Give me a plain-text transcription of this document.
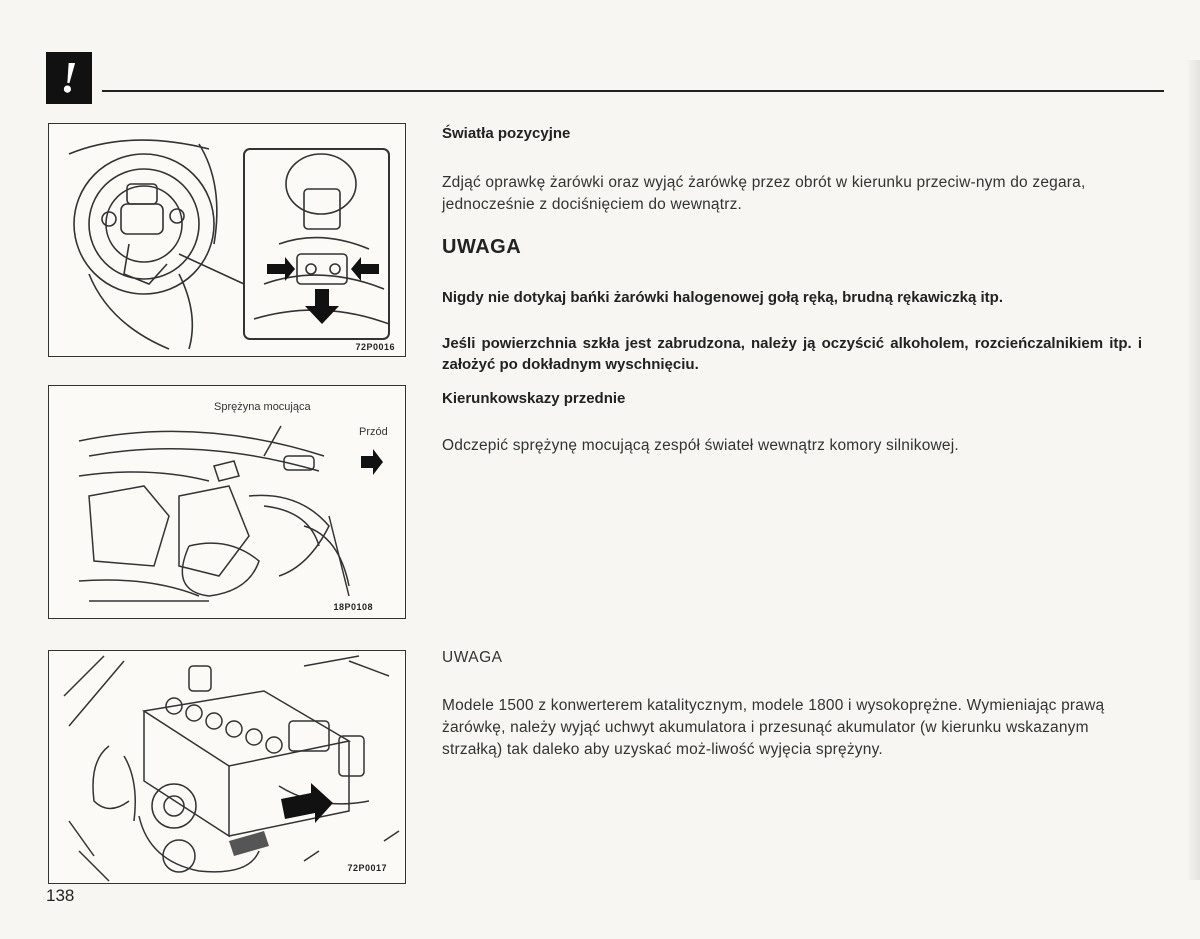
!
72P0016
Sprężyna mocująca
Przód
18P0108
72P0017
138
Światła pozycyjne
Zdjąć oprawkę żarówki oraz wyjąć żarówkę przez obrót w kierunku przeciw-nym do zegara, jednocześnie z dociśnięciem do wewnątrz.
UWAGA
Nigdy nie dotykaj bańki żarówki halogenowej gołą ręką, brudną rękawiczką itp.
Jeśli powierzchnia szkła jest zabrudzona, należy ją oczyścić alkoholem, rozcieńczalnikiem itp. i założyć po dokładnym wyschnięciu.
Kierunkowskazy przednie
Odczepić sprężynę mocującą zespół świateł wewnątrz komory silnikowej.
UWAGA
Modele 1500 z konwerterem katalitycznym, modele 1800 i wysokoprężne. Wymieniając prawą żarówkę, należy wyjąć uchwyt akumulatora i przesunąć akumulator (w kierunku wskazanym strzałką) tak daleko aby uzyskać moż-liwość wyjęcia sprężyny.
